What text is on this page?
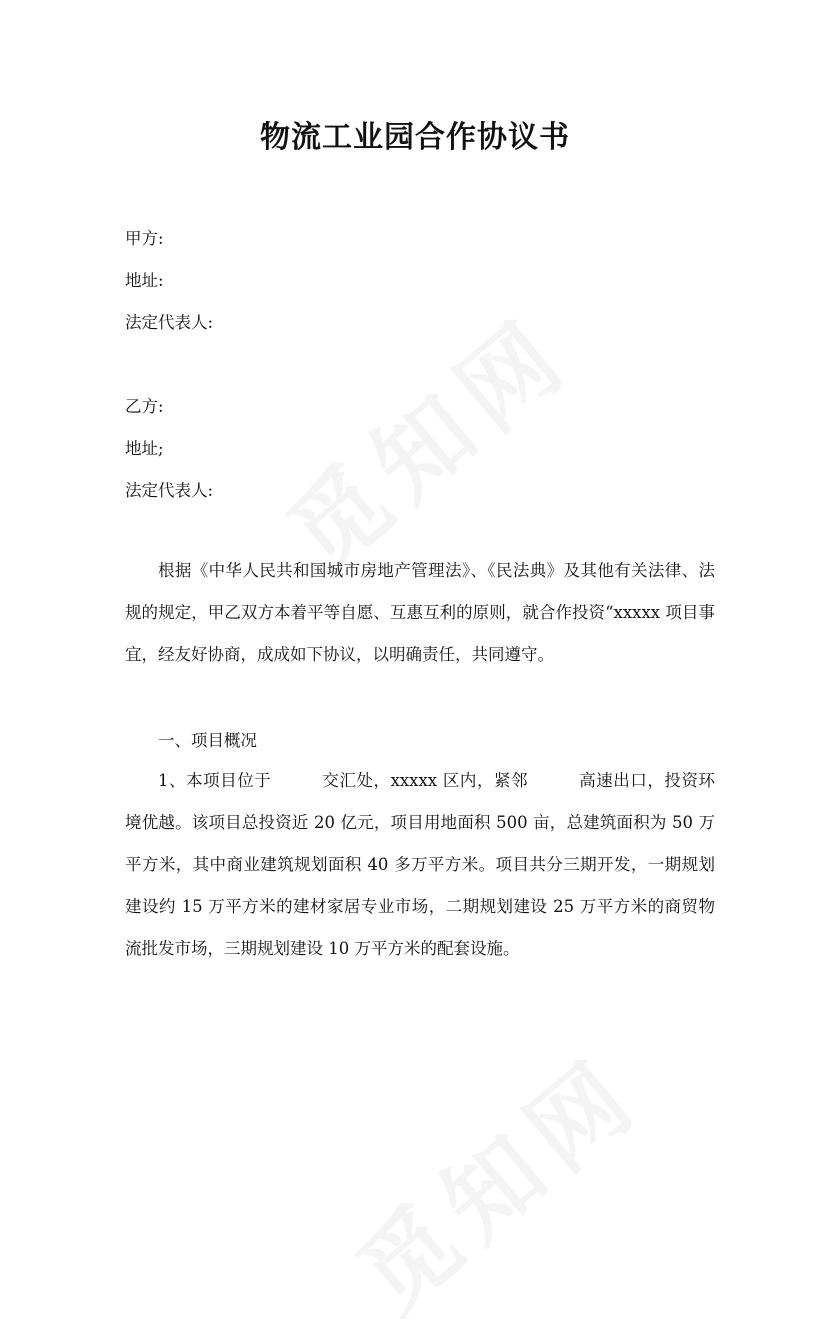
物流工业园合作协议书
甲方:
地址:
法定代表人:
乙方:
地址;
法定代表人:

根据《中华人民共和国城市房地产管理法》、《民法典》及其他有关法律、法规的规定，甲乙双方本着平等自愿、互惠互利的原则，就合作投资“xxxxx 项目事宜，经友好协商，成成如下协议，以明确责任，共同遵守。

一、项目概况

1、本项目位于　　　交汇处，xxxxx 区内，紧邻　　　高速出口，投资环境优越。该项目总投资近 20 亿元，项目用地面积 500 亩，总建筑面积为 50 万平方米，其中商业建筑规划面积 40 多万平方米。项目共分三期开发，一期规划建设约 15 万平方米的建材家居专业市场，二期规划建设 25 万平方米的商贸物流批发市场，三期规划建设 10 万平方米的配套设施。
